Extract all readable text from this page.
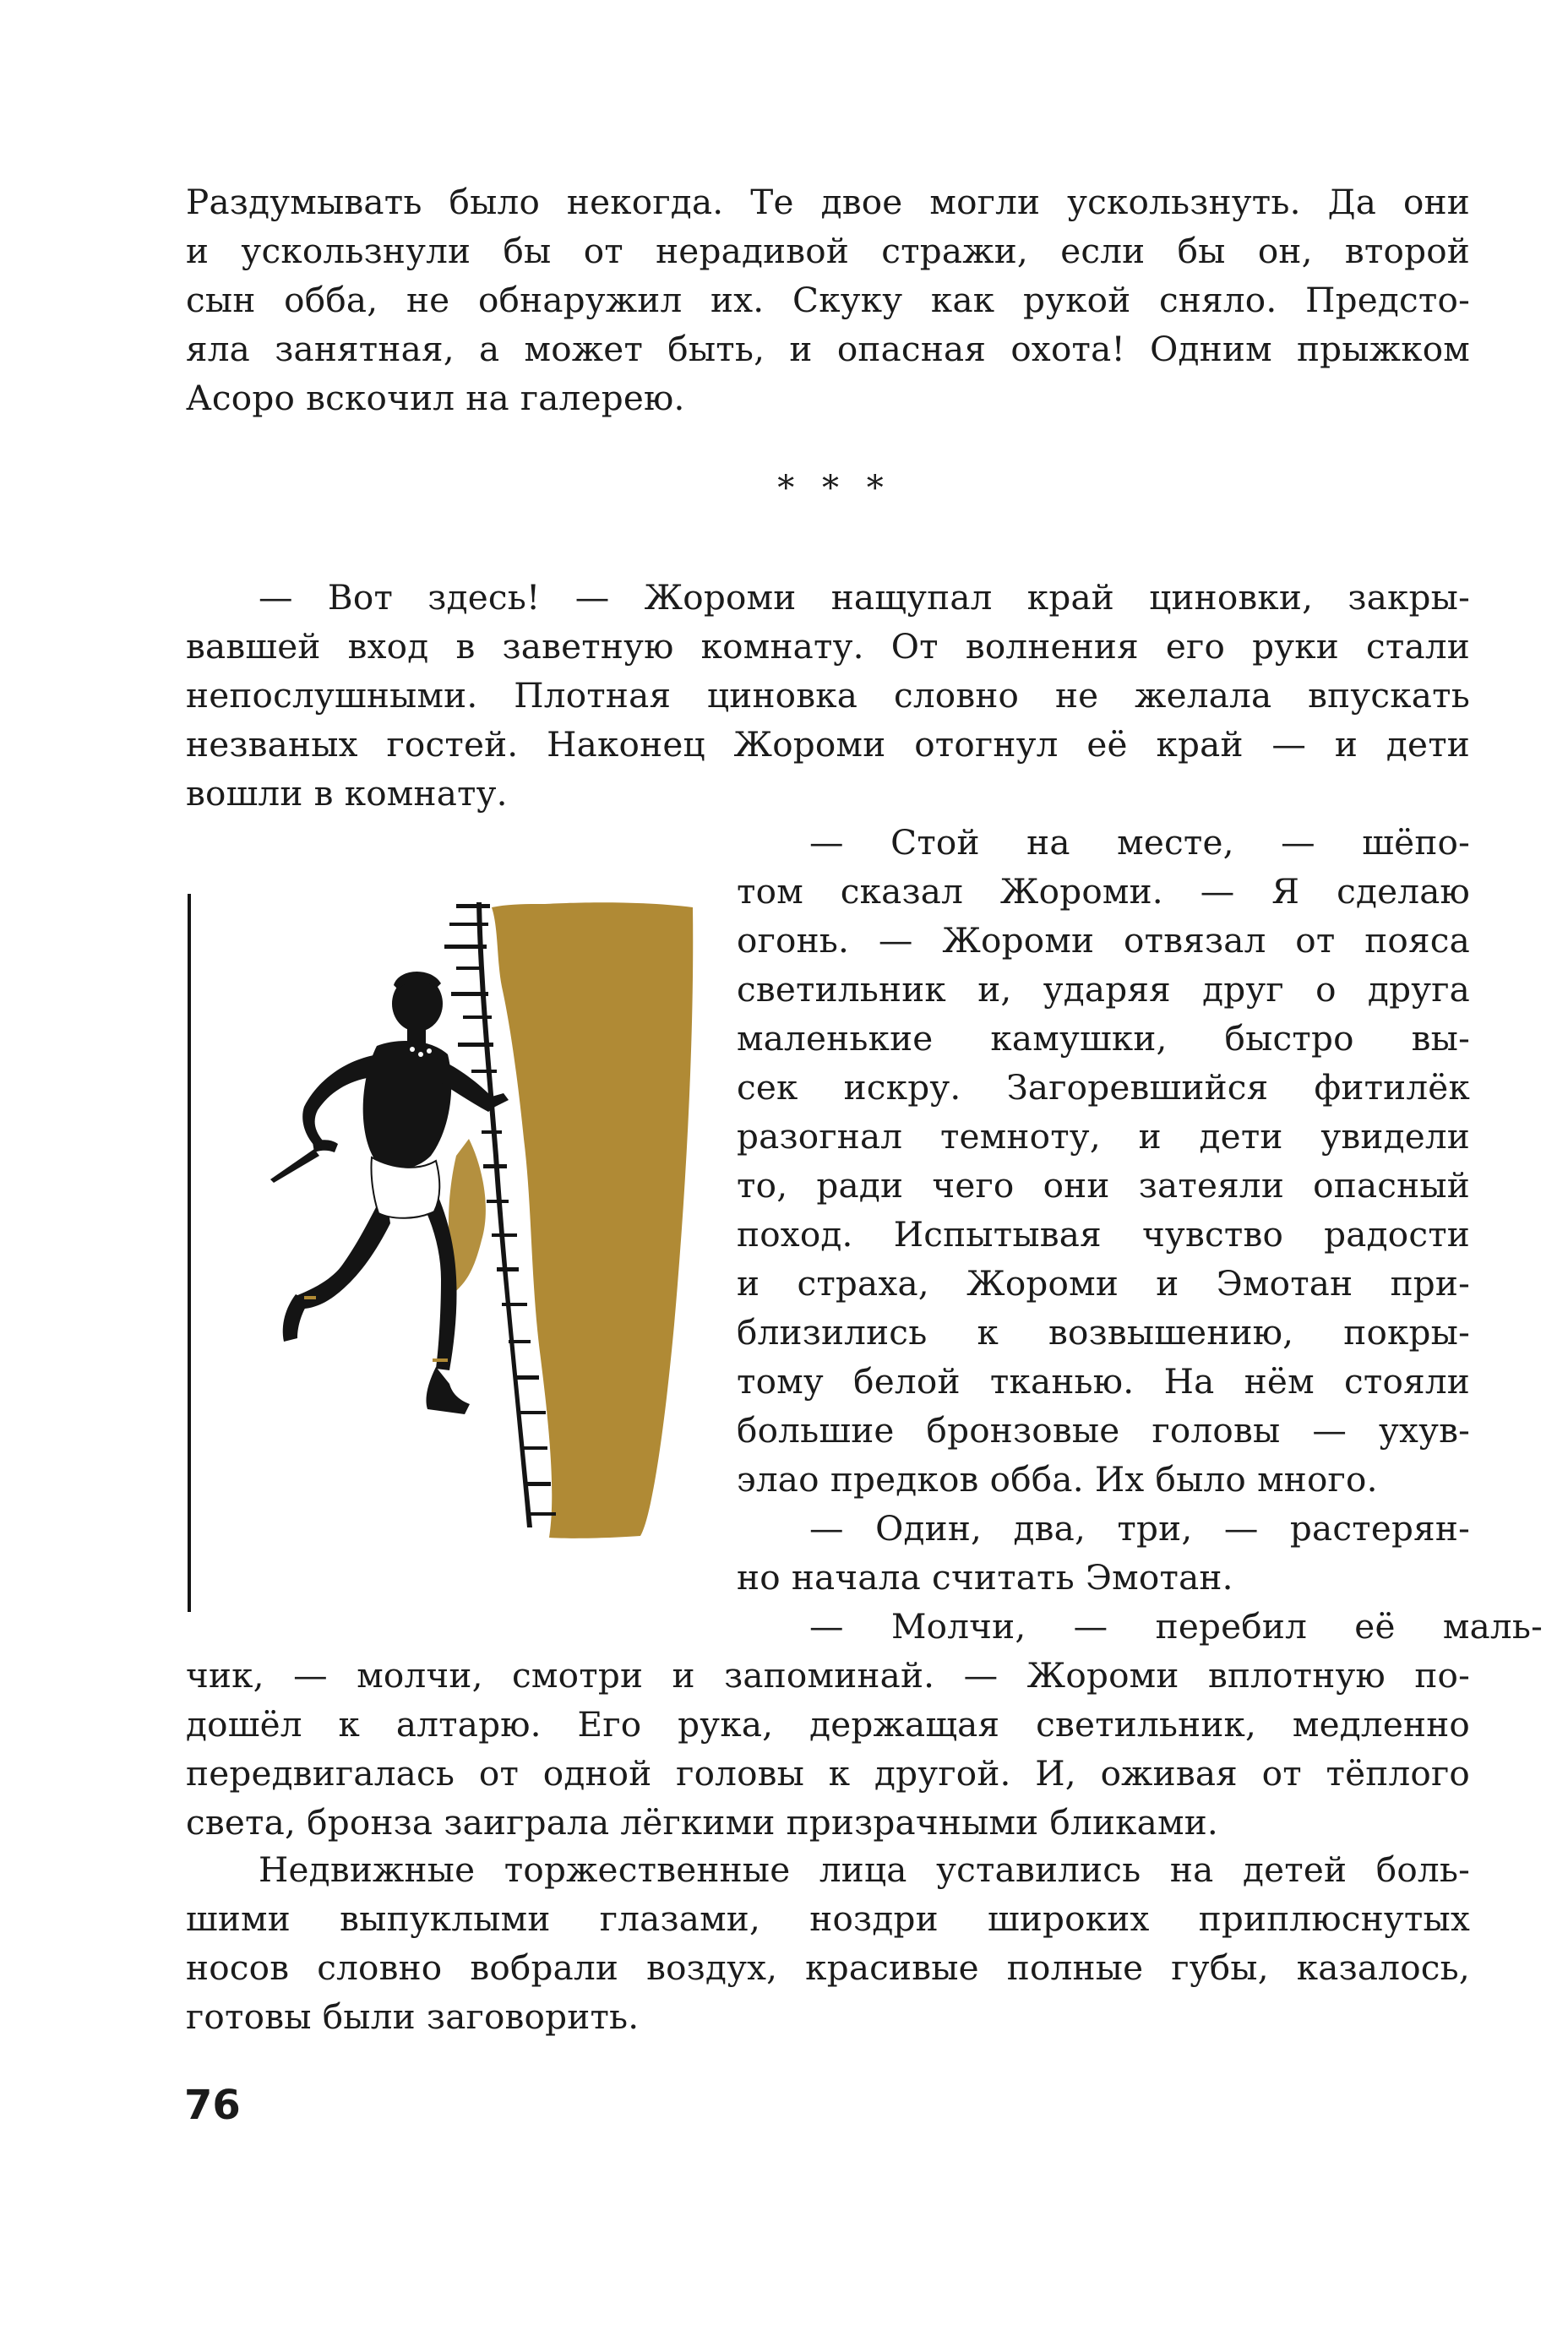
Раздумывать было некогда. Те двое могли ускользнуть. Да они

и ускользнули бы от нерадивой стражи, если бы он, второй

сын обба, не обнаружил их. Скуку как рукой сняло. Предсто-

яла занятная, а может быть, и опасная охота! Одним прыжком

Асоро вскочил на галерею.

— Вот здесь! — Жороми нащупал край циновки, закры-

вавшей вход в заветную комнату. От волнения его руки стали

непослушными. Плотная циновка словно не желала впускать

незваных гостей. Наконец Жороми отогнул её край — и дети

вошли в комнату.

— Стой на месте, — шёпо-

том сказал Жороми. — Я сделаю

огонь. — Жороми отвязал от пояса

светильник и, ударяя друг о друга

маленькие камушки, быстро вы-

сек искру. Загоревшийся фитилёк

разогнал темноту, и дети увидели

то, ради чего они затеяли опасный

поход. Испытывая чувство радости

и страха, Жороми и Эмотан при-

близились к возвышению, покры-

тому белой тканью. На нём стояли

большие бронзовые головы — ухув-

элао предков обба. Их было много.

— Один, два, три, — растерян-

но начала считать Эмотан.

— Молчи, — перебил её маль-

чик, — молчи, смотри и запоминай. — Жороми вплотную по-

дошёл к алтарю. Его рука, держащая светильник, медленно

передвигалась от одной головы к другой. И, оживая от тёплого

света, бронза заиграла лёгкими призрачными бликами.

Недвижные торжественные лица уставились на детей боль-

шими выпуклыми глазами, ноздри широких приплюснутых

носов словно вобрали воздух, красивые полные губы, казалось,

готовы были заговорить.

* * *
76
